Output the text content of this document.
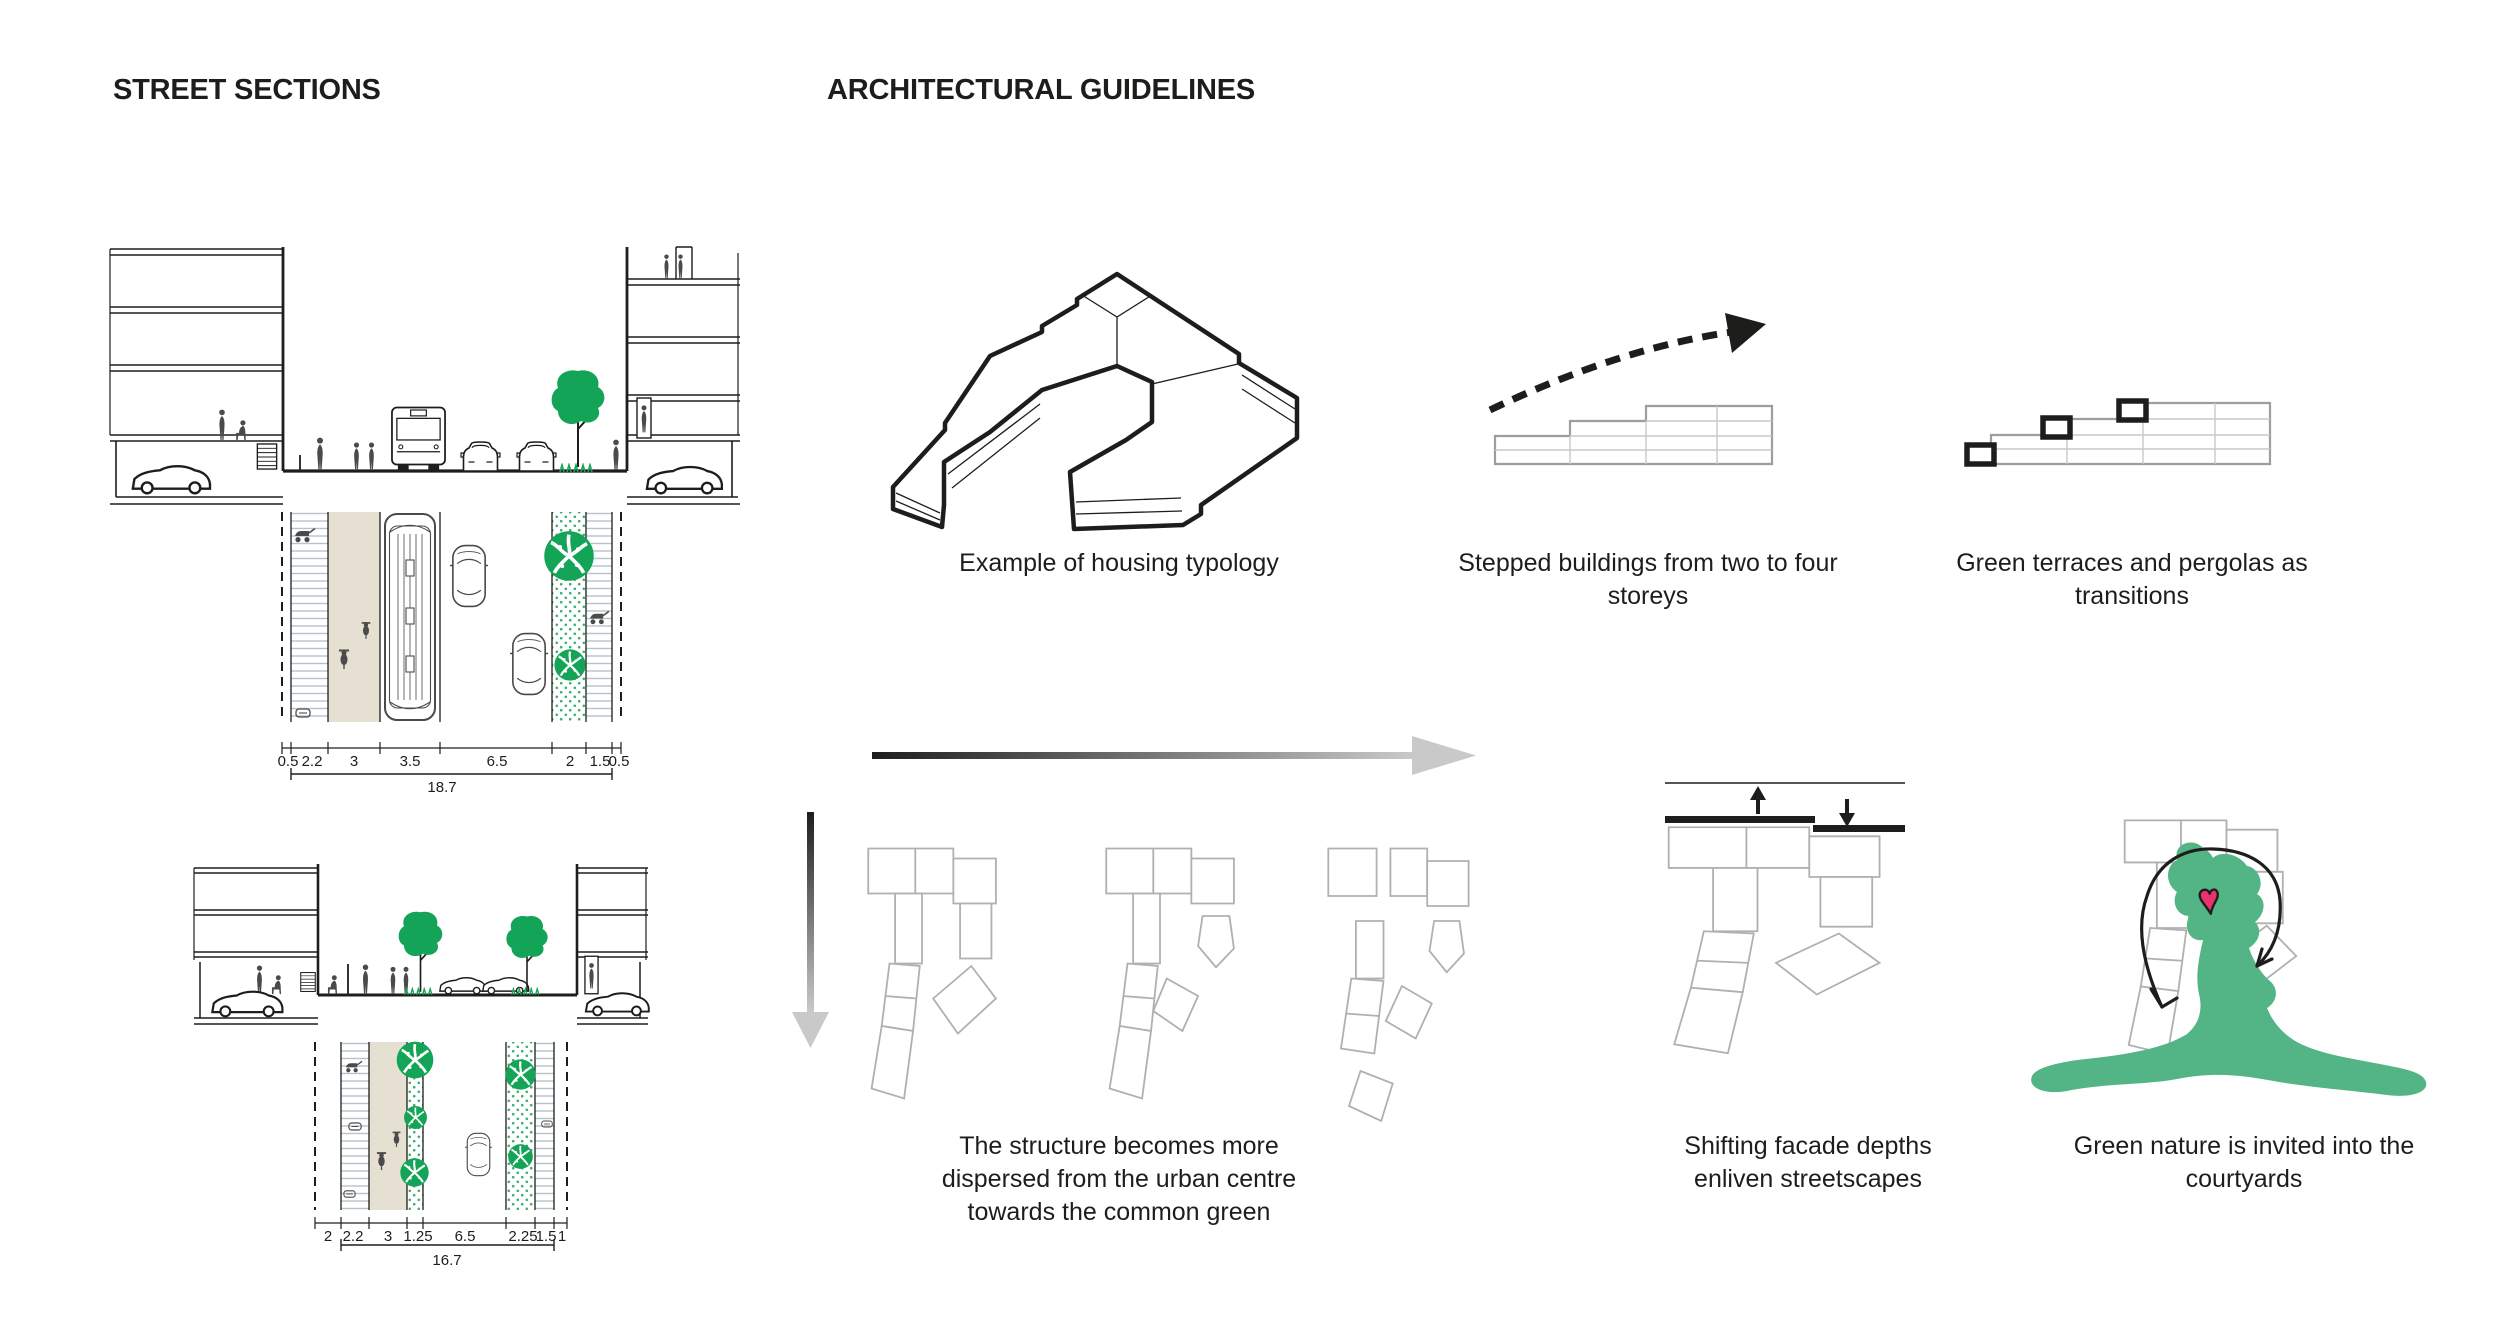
STREET SECTIONS	ARCHITECTURAL GUIDELINES
Example of housing typology	Stepped buildings from two to four storeys
Green terraces and pergolas as transitions
The structure becomes more dispersed from the urban centre towards the common green
Shifting facade depths enliven streetscapes
Green nature is invited into the courtyards
0.5 2.2 3	3.5	6.5	2 1.5
0.5
18.7
2 2.2 3 1.25 6.5 2.25
1.5 1
16.7
